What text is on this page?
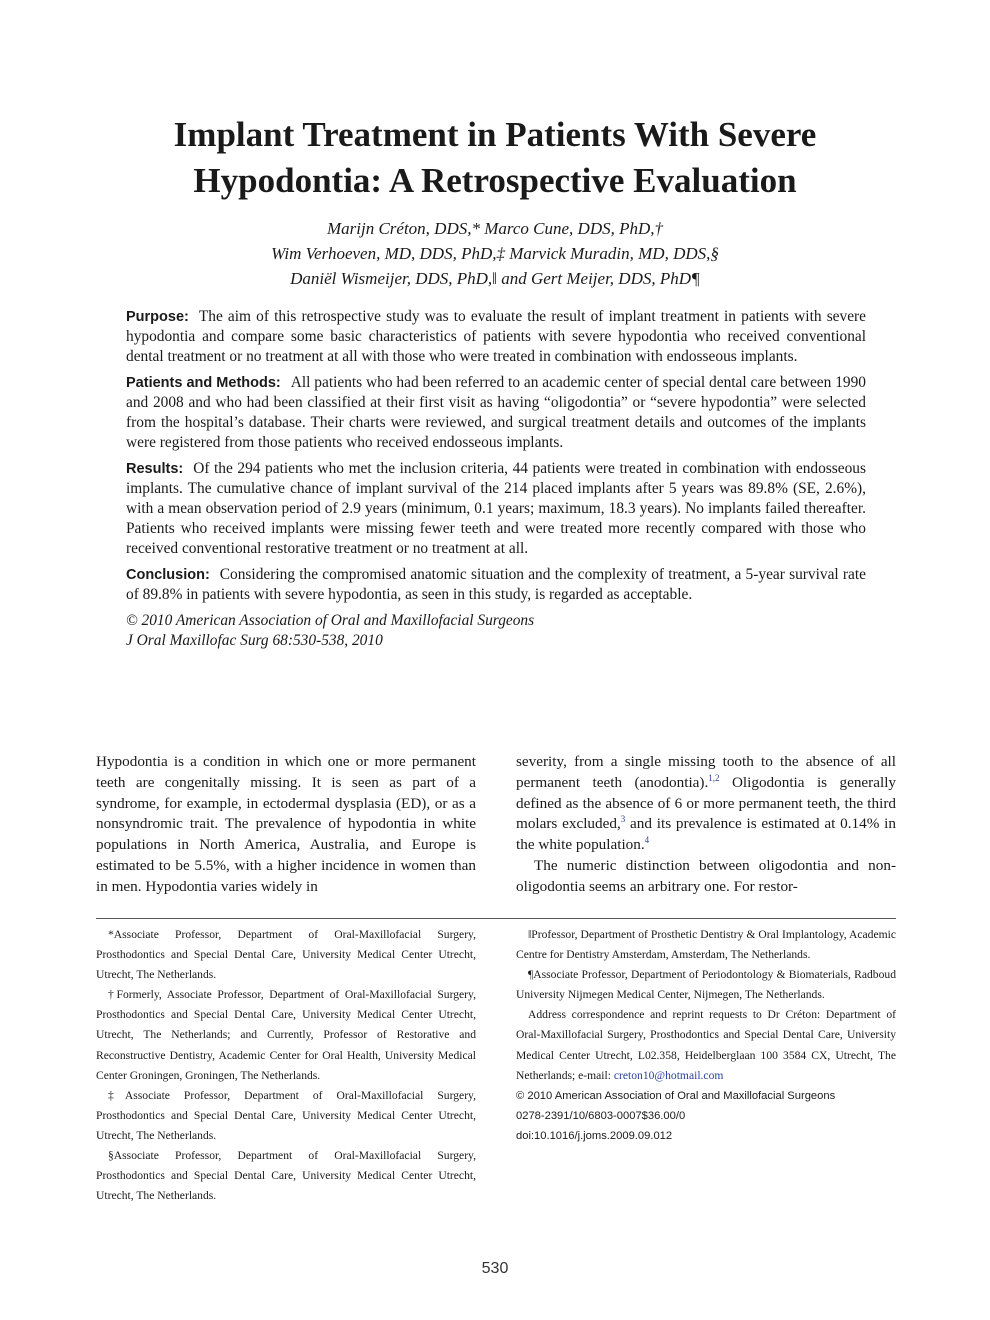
Implant Treatment in Patients With Severe
Hypodontia: A Retrospective Evaluation
Marijn Créton, DDS,* Marco Cune, DDS, PhD,†
Wim Verhoeven, MD, DDS, PhD,‡ Marvick Muradin, MD, DDS,§
Daniël Wismeijer, DDS, PhD,‖ and Gert Meijer, DDS, PhD¶

Purpose: The aim of this retrospective study was to evaluate the result of implant treatment in patients with severe hypodontia and compare some basic characteristics of patients with severe hypodontia who received conventional dental treatment or no treatment at all with those who were treated in combination with endosseous implants.

Patients and Methods: All patients who had been referred to an academic center of special dental care between 1990 and 2008 and who had been classified at their first visit as having “oligodontia” or “severe hypodontia” were selected from the hospital’s database. Their charts were reviewed, and surgical treatment details and outcomes of the implants were registered from those patients who received endosseous implants.

Results: Of the 294 patients who met the inclusion criteria, 44 patients were treated in combination with endosseous implants. The cumulative chance of implant survival of the 214 placed implants after 5 years was 89.8% (SE, 2.6%), with a mean observation period of 2.9 years (minimum, 0.1 years; maximum, 18.3 years). No implants failed thereafter. Patients who received implants were missing fewer teeth and were treated more recently compared with those who received conventional restorative treatment or no treatment at all.

Conclusion: Considering the compromised anatomic situation and the complexity of treatment, a 5-year survival rate of 89.8% in patients with severe hypodontia, as seen in this study, is regarded as acceptable.

© 2010 American Association of Oral and Maxillofacial Surgeons
J Oral Maxillofac Surg 68:530-538, 2010

Hypodontia is a condition in which one or more permanent teeth are congenitally missing. It is seen as part of a syndrome, for example, in ectodermal dysplasia (ED), or as a nonsyndromic trait. The prevalence of hypodontia in white populations in North America, Australia, and Europe is estimated to be 5.5%, with a higher incidence in women than in men. Hypodontia varies widely in

severity, from a single missing tooth to the absence of all permanent teeth (anodontia).$^{1,2}$ Oligodontia is generally defined as the absence of 6 or more permanent teeth, the third molars excluded,$^3$ and its prevalence is estimated at 0.14% in the white population.$^4$

The numeric distinction between oligodontia and non-oligodontia seems an arbitrary one. For restor-

*Associate Professor, Department of Oral-Maxillofacial Surgery, Prosthodontics and Special Dental Care, University Medical Center Utrecht, Utrecht, The Netherlands.

†Formerly, Associate Professor, Department of Oral-Maxillofacial Surgery, Prosthodontics and Special Dental Care, University Medical Center Utrecht, Utrecht, The Netherlands; and Currently, Professor of Restorative and Reconstructive Dentistry, Academic Center for Oral Health, University Medical Center Groningen, Groningen, The Netherlands.

‡Associate Professor, Department of Oral-Maxillofacial Surgery, Prosthodontics and Special Dental Care, University Medical Center Utrecht, Utrecht, The Netherlands.

§Associate Professor, Department of Oral-Maxillofacial Surgery, Prosthodontics and Special Dental Care, University Medical Center Utrecht, Utrecht, The Netherlands.

‖Professor, Department of Prosthetic Dentistry & Oral Implantology, Academic Centre for Dentistry Amsterdam, Amsterdam, The Netherlands.

¶Associate Professor, Department of Periodontology & Biomaterials, Radboud University Nijmegen Medical Center, Nijmegen, The Netherlands.

Address correspondence and reprint requests to Dr Créton: Department of Oral-Maxillofacial Surgery, Prosthodontics and Special Dental Care, University Medical Center Utrecht, L02.358, Heidelberglaan 100 3584 CX, Utrecht, The Netherlands; e-mail: creton10@hotmail.com

© 2010 American Association of Oral and Maxillofacial Surgeons

0278-2391/10/6803-0007$36.00/0

doi:10.1016/j.joms.2009.09.012

530
